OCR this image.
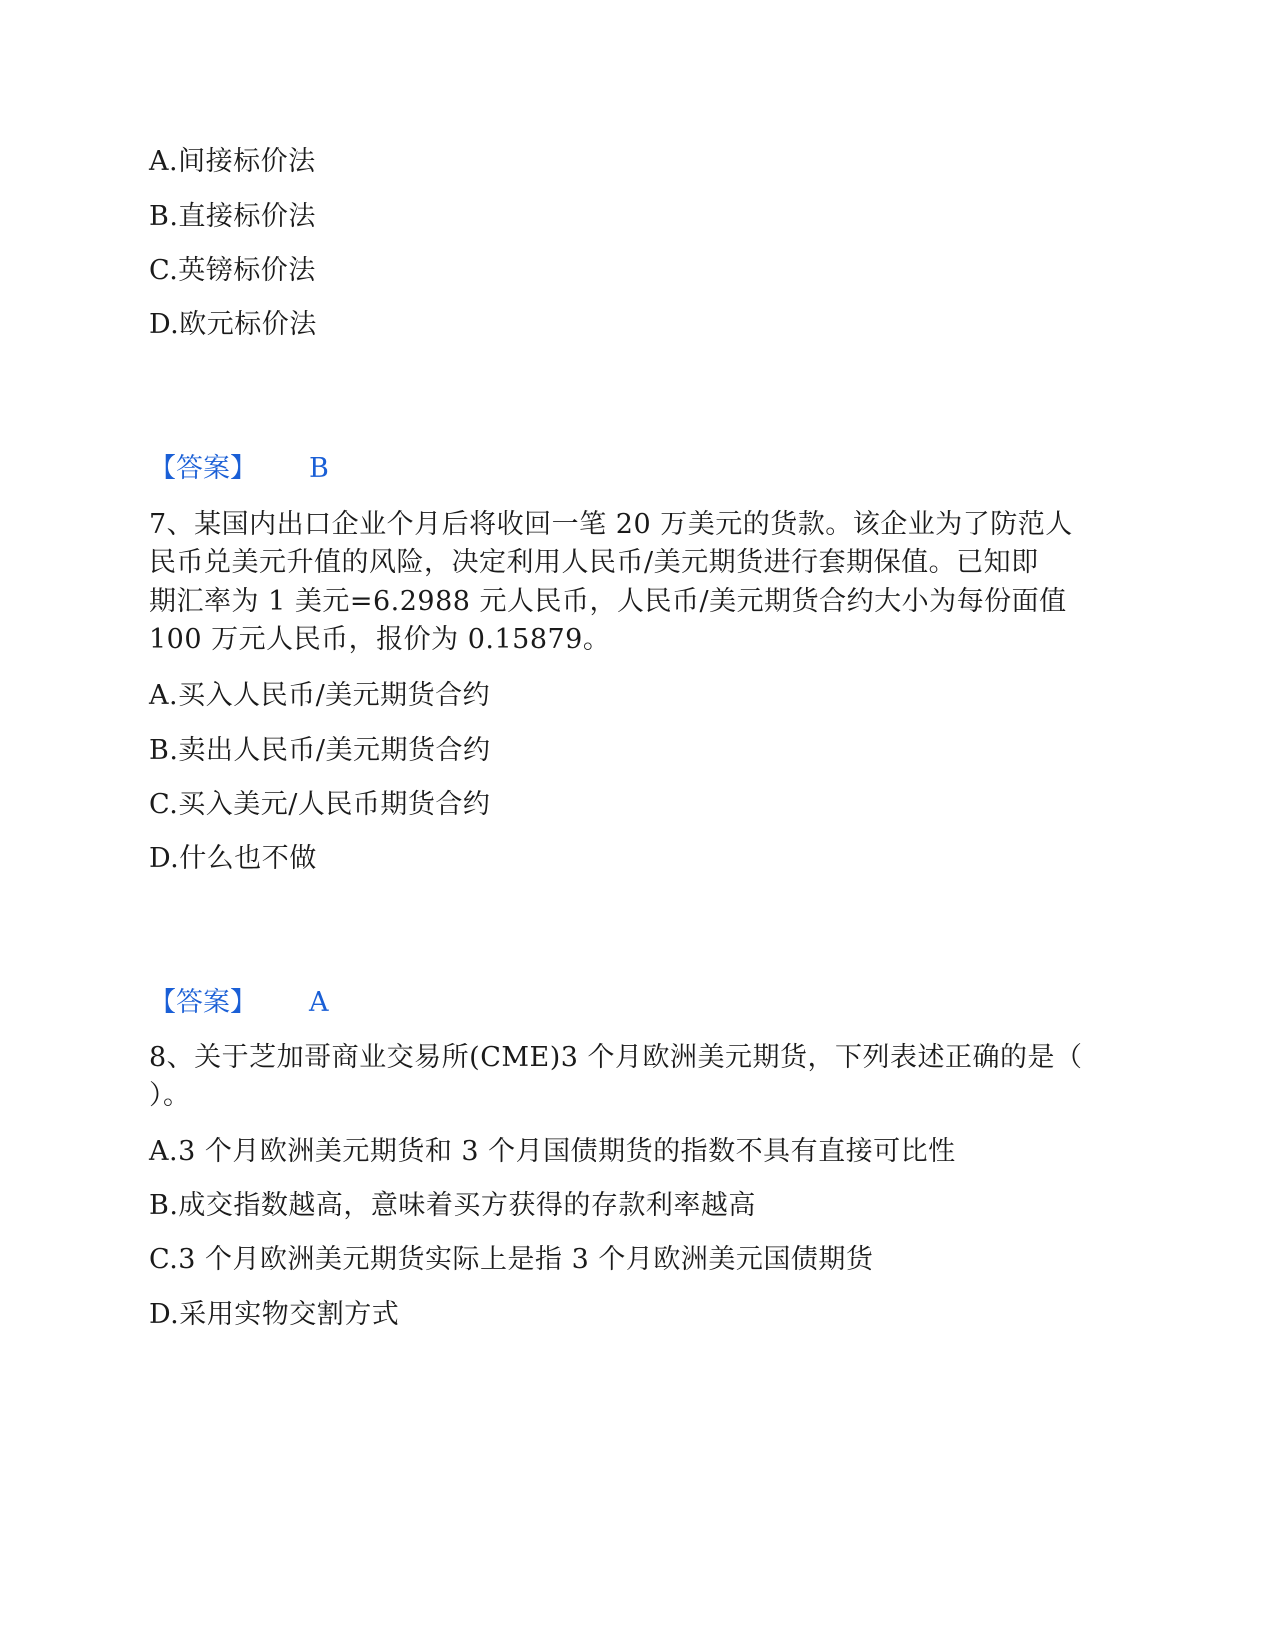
A.间接标价法
B.直接标价法
C.英镑标价法
D.欧元标价法
【答案】 B
7、某国内出口企业个月后将收回一笔 20 万美元的货款。该企业为了防范人
民币兑美元升值的风险，决定利用人民币/美元期货进行套期保值。已知即
期汇率为 1 美元=6.2988 元人民币，人民币/美元期货合约大小为每份面值
100 万元人民币，报价为 0.15879。
A.买入人民币/美元期货合约
B.卖出人民币/美元期货合约
C.买入美元/人民币期货合约
D.什么也不做
【答案】 A
8、关于芝加哥商业交易所(CME)3 个月欧洲美元期货，下列表述正确的是（
）。
A.3 个月欧洲美元期货和 3 个月国债期货的指数不具有直接可比性
B.成交指数越高，意味着买方获得的存款利率越高
C.3 个月欧洲美元期货实际上是指 3 个月欧洲美元国债期货
D.采用实物交割方式
